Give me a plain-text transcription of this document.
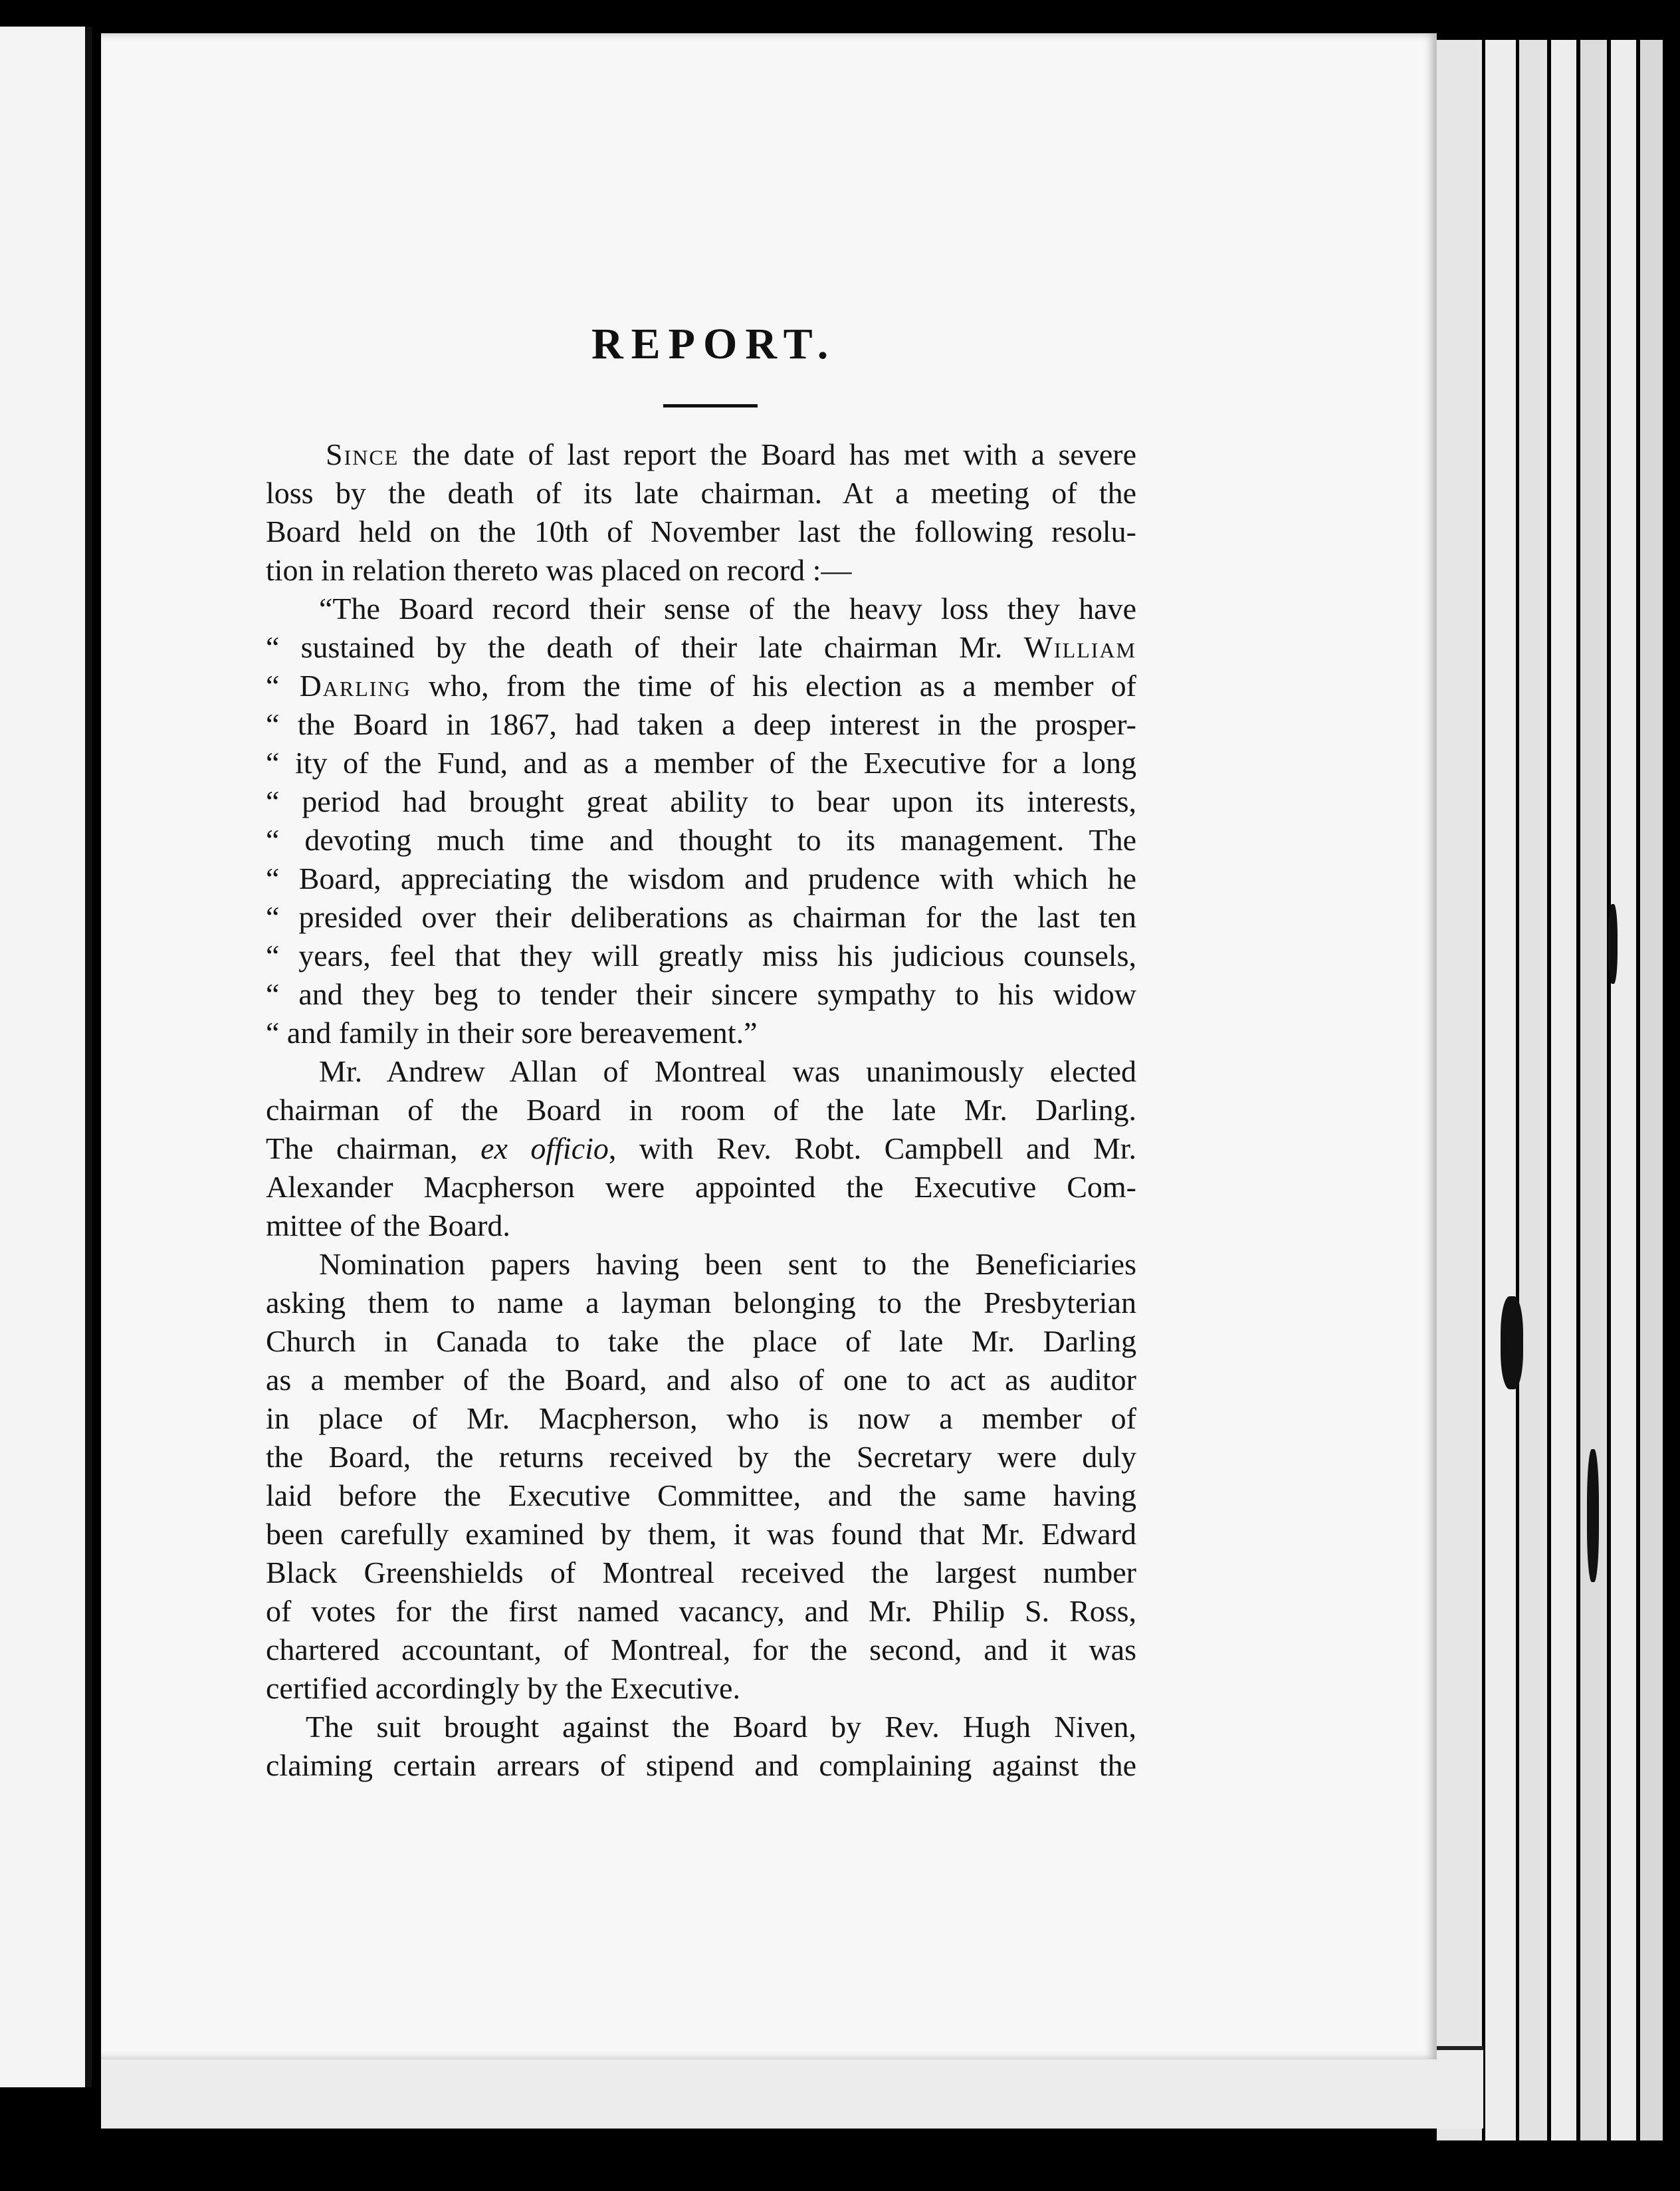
REPORT.
Since the date of last report the Board has met with a severe
loss by the death of its late chairman. At a meeting of the
Board held on the 10th of November last the following resolu-
tion in relation thereto was placed on record :—
“The Board record their sense of the heavy loss they have
“ sustained by the death of their late chairman Mr. William
“ Darling who, from the time of his election as a member of
“ the Board in 1867, had taken a deep interest in the prosper-
“ ity of the Fund, and as a member of the Executive for a long
“ period had brought great ability to bear upon its interests,
“ devoting much time and thought to its management. The
“ Board, appreciating the wisdom and prudence with which he
“ presided over their deliberations as chairman for the last ten
“ years, feel that they will greatly miss his judicious counsels,
“ and they beg to tender their sincere sympathy to his widow
“ and family in their sore bereavement.”
Mr. Andrew Allan of Montreal was unanimously elected
chairman of the Board in room of the late Mr. Darling.
The chairman, ex officio, with Rev. Robt. Campbell and Mr.
Alexander Macpherson were appointed the Executive Com-
mittee of the Board.
Nomination papers having been sent to the Beneficiaries
asking them to name a layman belonging to the Presbyterian
Church in Canada to take the place of late Mr. Darling
as a member of the Board, and also of one to act as auditor
in place of Mr. Macpherson, who is now a member of
the Board, the returns received by the Secretary were duly
laid before the Executive Committee, and the same having
been carefully examined by them, it was found that Mr. Edward
Black Greenshields of Montreal received the largest number
of votes for the first named vacancy, and Mr. Philip S. Ross,
chartered accountant, of Montreal, for the second, and it was
certified accordingly by the Executive.
The suit brought against the Board by Rev. Hugh Niven,
claiming certain arrears of stipend and complaining against the
